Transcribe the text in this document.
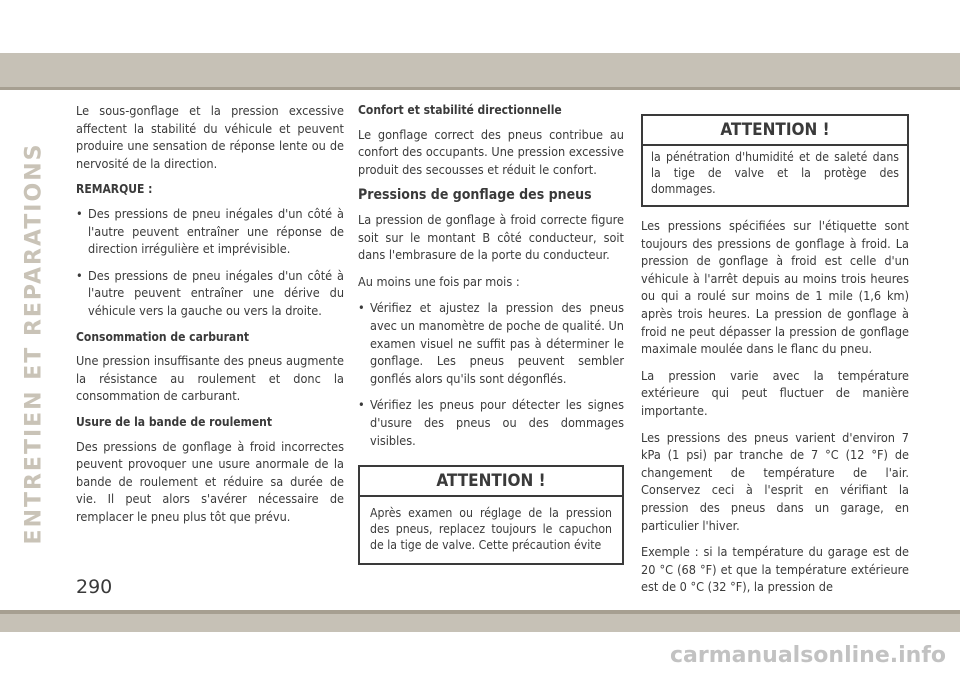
ENTRETIEN ET REPARATIONS

Le sous-gonflage et la pression excessive affectent la stabilité du véhicule et peuvent produire une sensation de réponse lente ou de nervosité de la direction.

REMARQUE :
• Des pressions de pneu inégales d'un côté à l'autre peuvent entraîner une réponse de direction irrégulière et imprévisible.
• Des pressions de pneu inégales d'un côté à l'autre peuvent entraîner une dérive du véhicule vers la gauche ou vers la droite.
Consommation de carburant

Une pression insuffisante des pneus augmente la résistance au roulement et donc la consommation de carburant.

Usure de la bande de roulement

Des pressions de gonflage à froid incorrectes peuvent provoquer une usure anormale de la bande de roulement et réduire sa durée de vie. Il peut alors s'avérer nécessaire de remplacer le pneu plus tôt que prévu.

Confort et stabilité directionnelle

Le gonflage correct des pneus contribue au confort des occupants. Une pression excessive produit des secousses et réduit le confort.

Pressions de gonflage des pneus

La pression de gonflage à froid correcte figure soit sur le montant B côté conducteur, soit dans l'embrasure de la porte du conducteur.

Au moins une fois par mois :

• Vérifiez et ajustez la pression des pneus avec un manomètre de poche de qualité. Un examen visuel ne suffit pas à déterminer le gonflage. Les pneus peuvent sembler gonflés alors qu'ils sont dégonflés.
• Vérifiez les pneus pour détecter les signes d'usure des pneus ou des dommages visibles.
ATTENTION !
Après examen ou réglage de la pression des pneus, replacez toujours le capuchon de la tige de valve. Cette précaution évite
ATTENTION !
la pénétration d'humidité et de saleté dans la tige de valve et la protège des dommages.

Les pressions spécifiées sur l'étiquette sont toujours des pressions de gonflage à froid. La pression de gonflage à froid est celle d'un véhicule à l'arrêt depuis au moins trois heures ou qui a roulé sur moins de 1 mile (1,6 km) après trois heures. La pression de gonflage à froid ne peut dépasser la pression de gonflage maximale moulée dans le flanc du pneu.

La pression varie avec la température extérieure qui peut fluctuer de manière importante.

Les pressions des pneus varient d'environ 7 kPa (1 psi) par tranche de 7 °C (12 °F) de changement de température de l'air. Conservez ceci à l'esprit en vérifiant la pression des pneus dans un garage, en particulier l'hiver.

Exemple : si la température du garage est de 20 °C (68 °F) et que la température extérieure est de 0 °C (32 °F), la pression de

290
carmanualsonline.info
